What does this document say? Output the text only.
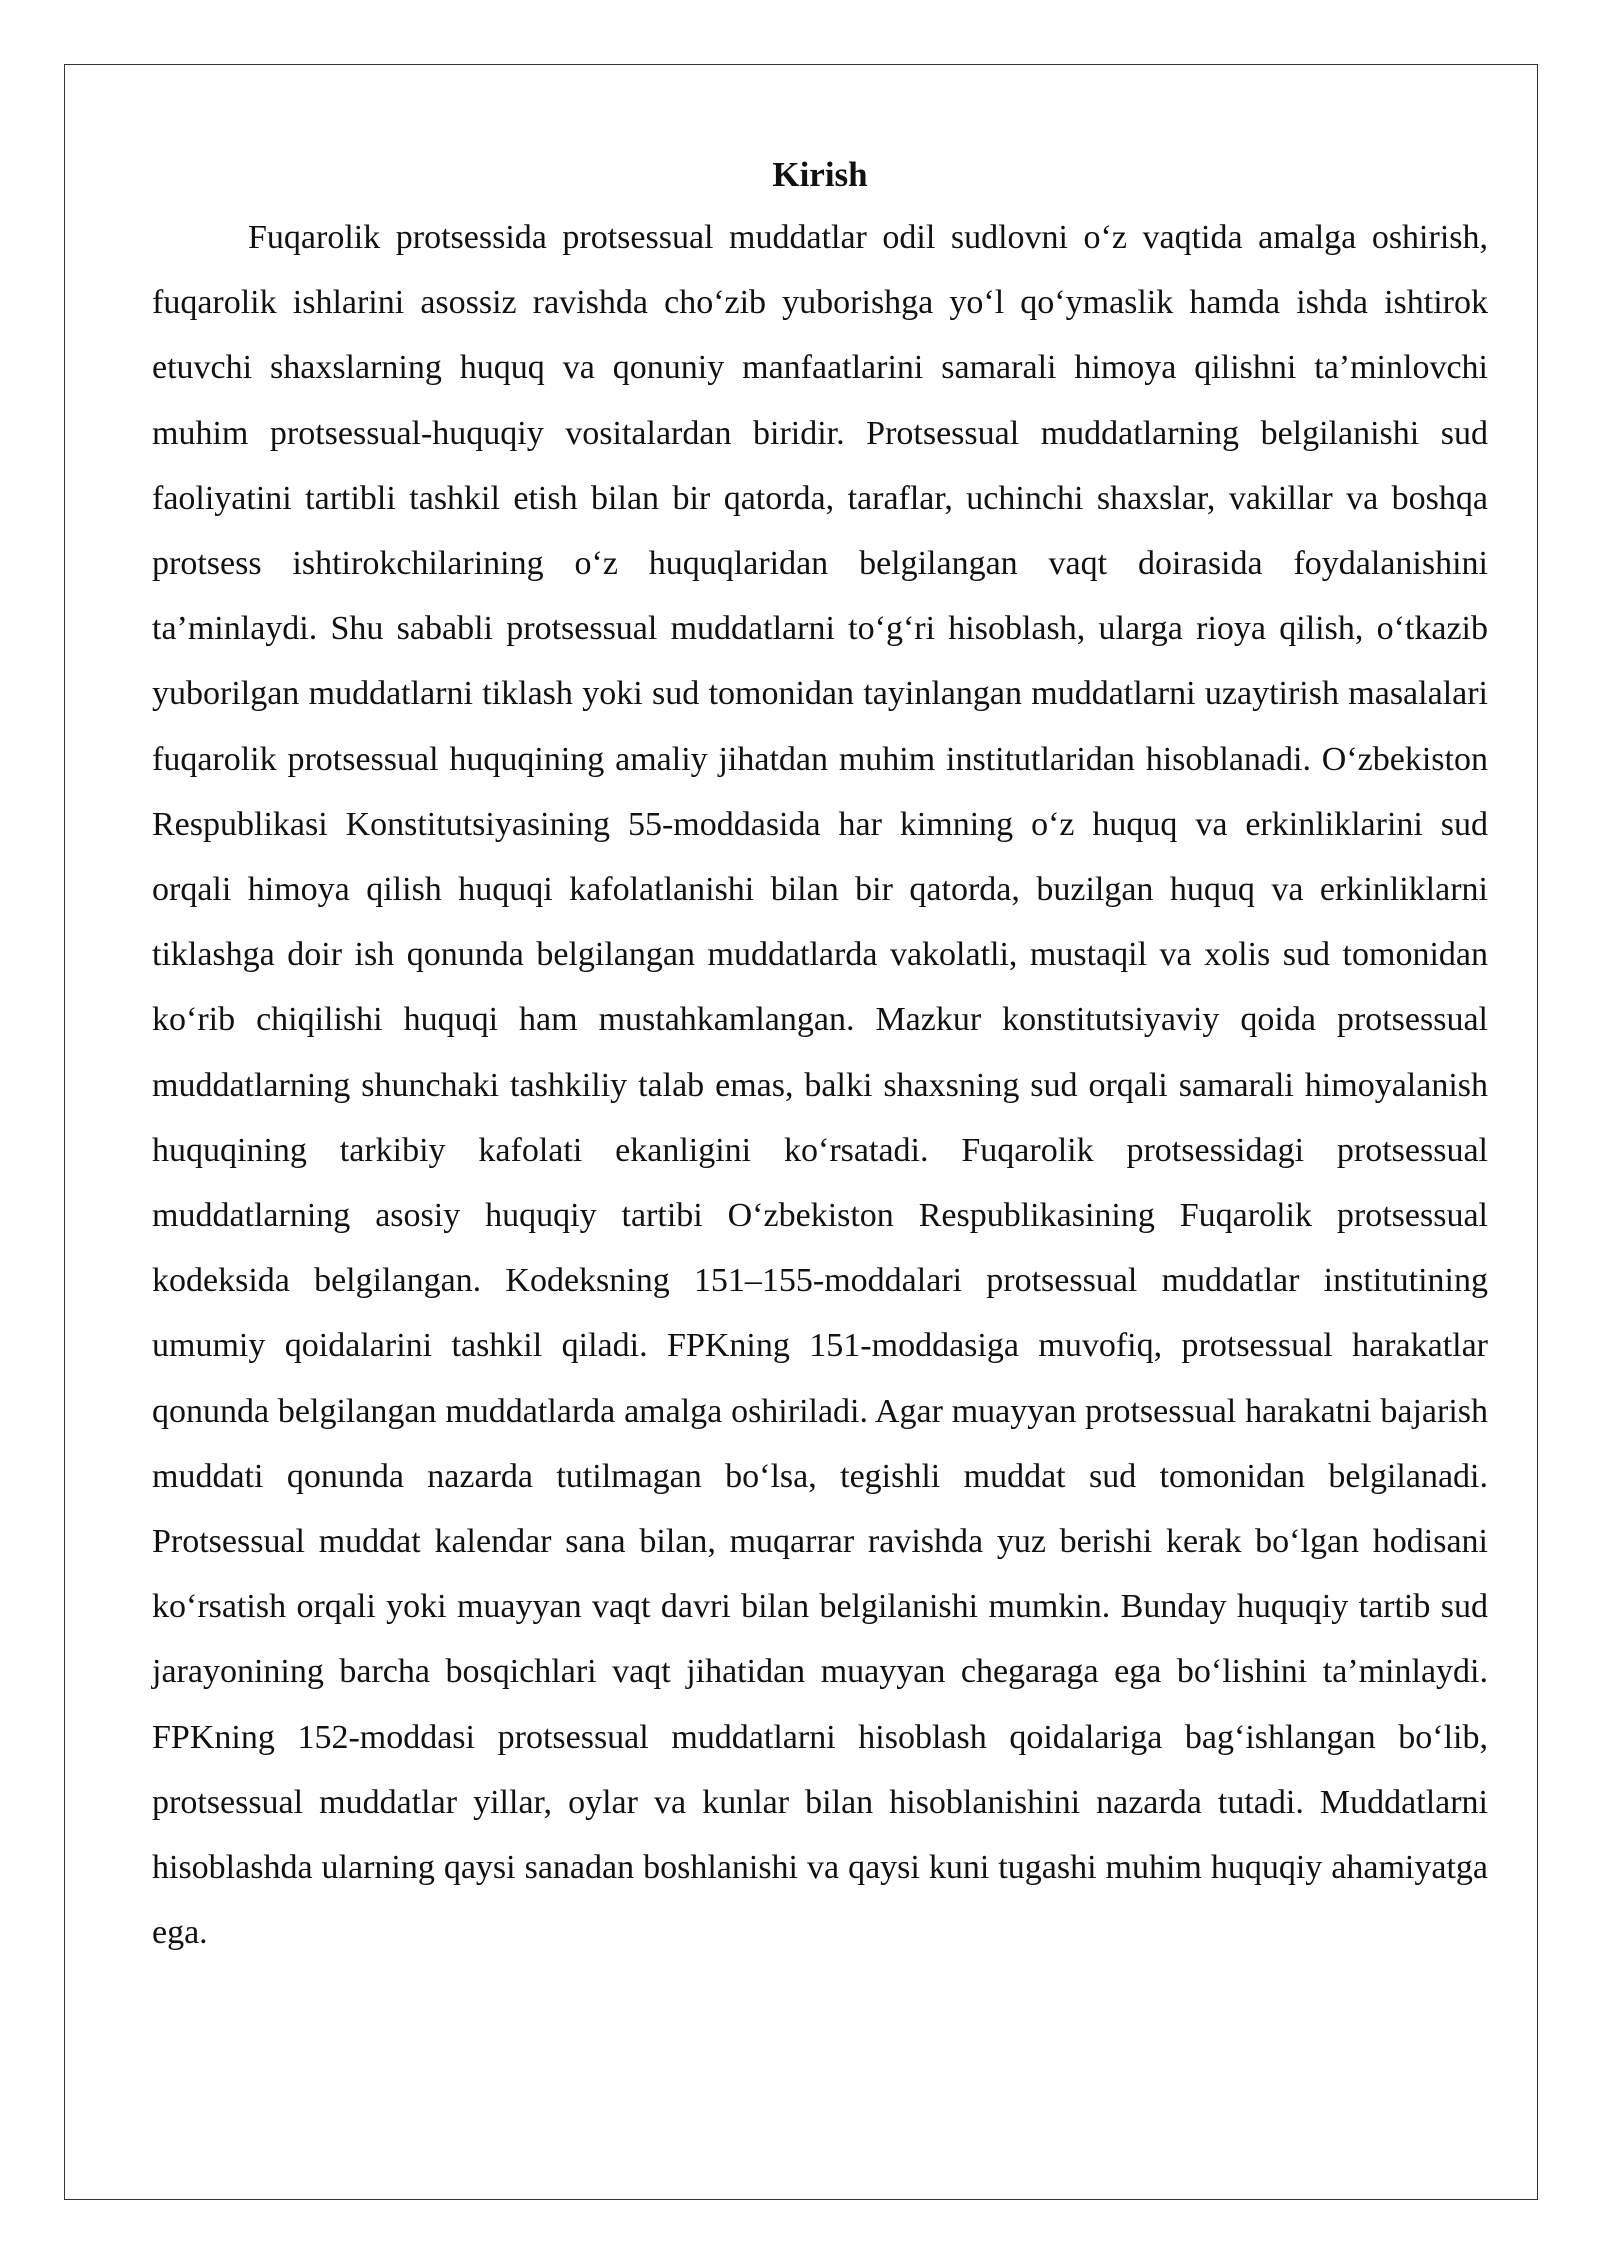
Kirish

Fuqarolik protsessida protsessual muddatlar odil sudlovni o‘z vaqtida amalga oshirish, fuqarolik ishlarini asossiz ravishda cho‘zib yuborishga yo‘l qo‘ymaslik hamda ishda ishtirok etuvchi shaxslarning huquq va qonuniy manfaatlarini samarali himoya qilishni ta’minlovchi muhim protsessual-huquqiy vositalardan biridir. Protsessual muddatlarning belgilanishi sud faoliyatini tartibli tashkil etish bilan bir qatorda, taraflar, uchinchi shaxslar, vakillar va boshqa protsess ishtirokchilarining o‘z huquqlaridan belgilangan vaqt doirasida foydalanishini ta’minlaydi. Shu sababli protsessual muddatlarni to‘g‘ri hisoblash, ularga rioya qilish, o‘tkazib yuborilgan muddatlarni tiklash yoki sud tomonidan tayinlangan muddatlarni uzaytirish masalalari fuqarolik protsessual huquqining amaliy jihatdan muhim institutlaridan hisoblanadi. O‘zbekiston Respublikasi Konstitutsiyasining 55-moddasida har kimning o‘z huquq va erkinliklarini sud orqali himoya qilish huquqi kafolatlanishi bilan bir qatorda, buzilgan huquq va erkinliklarni tiklashga doir ish qonunda belgilangan muddatlarda vakolatli, mustaqil va xolis sud tomonidan ko‘rib chiqilishi huquqi ham mustahkamlangan. Mazkur konstitutsiyaviy qoida protsessual muddatlarning shunchaki tashkiliy talab emas, balki shaxsning sud orqali samarali himoyalanish huquqining tarkibiy kafolati ekanligini ko‘rsatadi. Fuqarolik protsessidagi protsessual muddatlarning asosiy huquqiy tartibi O‘zbekiston Respublikasining Fuqarolik protsessual kodeksida belgilangan. Kodeksning 151–155-moddalari protsessual muddatlar institutining umumiy qoidalarini tashkil qiladi. FPKning 151-moddasiga muvofiq, protsessual harakatlar qonunda belgilangan muddatlarda amalga oshiriladi. Agar muayyan protsessual harakatni bajarish muddati qonunda nazarda tutilmagan bo‘lsa, tegishli muddat sud tomonidan belgilanadi. Protsessual muddat kalendar sana bilan, muqarrar ravishda yuz berishi kerak bo‘lgan hodisani ko‘rsatish orqali yoki muayyan vaqt davri bilan belgilanishi mumkin. Bunday huquqiy tartib sud jarayonining barcha bosqichlari vaqt jihatidan muayyan chegaraga ega bo‘lishini ta’minlaydi. FPKning 152-moddasi protsessual muddatlarni hisoblash qoidalariga bag‘ishlangan bo‘lib, protsessual muddatlar yillar, oylar va kunlar bilan hisoblanishini nazarda tutadi. Muddatlarni hisoblashda ularning qaysi sanadan boshlanishi va qaysi kuni tugashi muhim huquqiy ahamiyatga ega.
